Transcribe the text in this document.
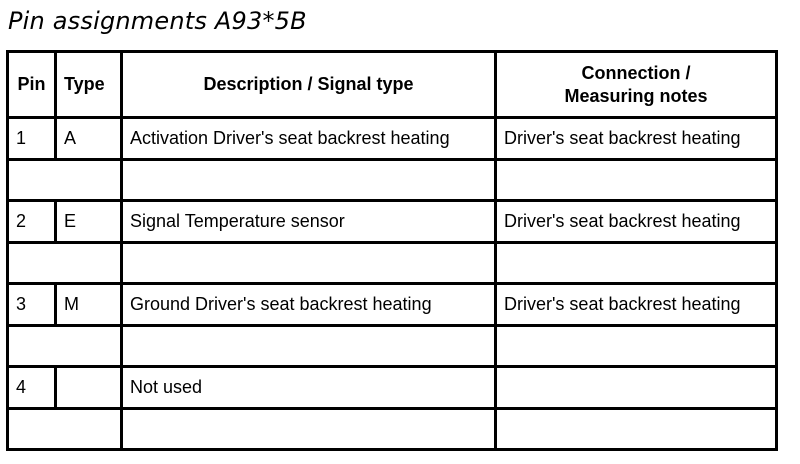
Pin assignments A93*5B
Pin	Type	Description / Signal type	Connection /
Measuring notes

1	A	Activation Driver's seat backrest heating	Driver's seat backrest heating

2	E	Signal Temperature sensor	Driver's seat backrest heating

3	M	Ground Driver's seat backrest heating	Driver's seat backrest heating

4		Not used	
